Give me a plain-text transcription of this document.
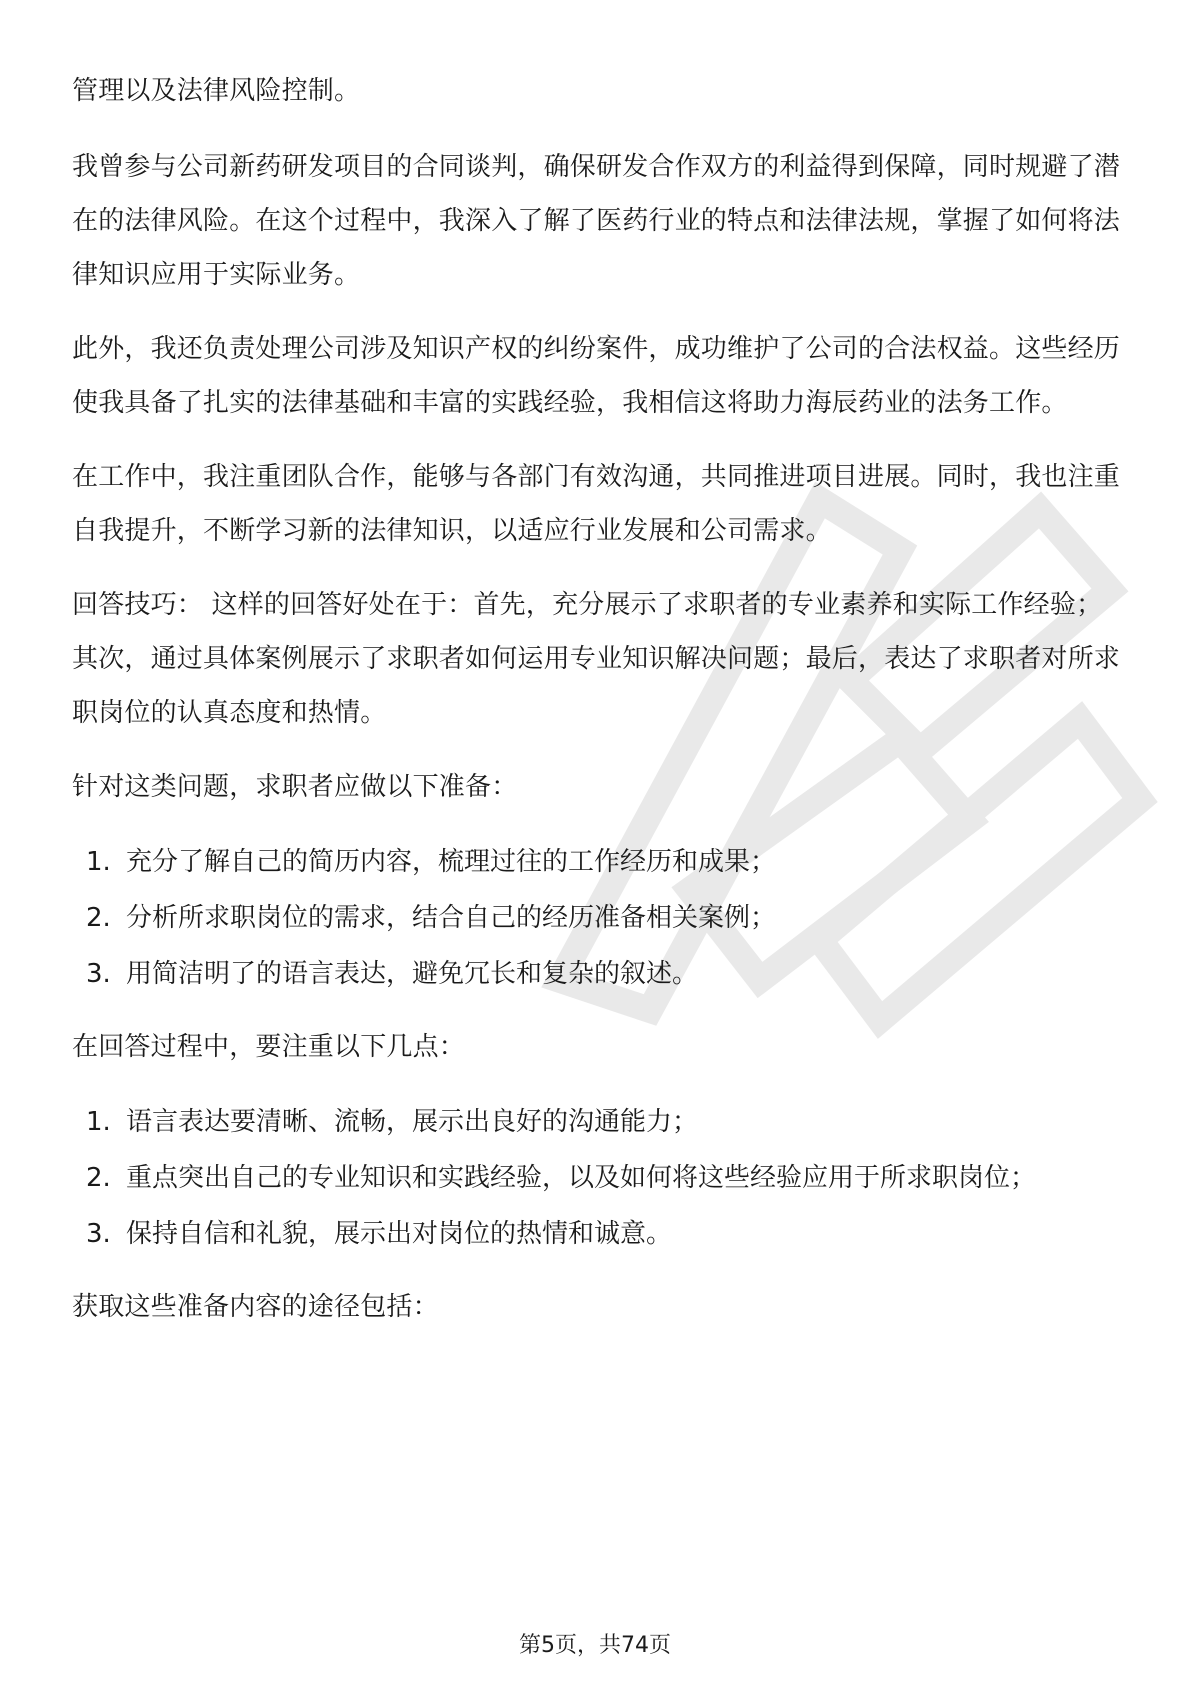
管理以及法律风险控制。

我曾参与公司新药研发项目的合同谈判，确保研发合作双方的利益得到保障，同时规避了潜在的法律风险。在这个过程中，我深入了解了医药行业的特点和法律法规，掌握了如何将法律知识应用于实际业务。

此外，我还负责处理公司涉及知识产权的纠纷案件，成功维护了公司的合法权益。这些经历使我具备了扎实的法律基础和丰富的实践经验，我相信这将助力海辰药业的法务工作。

在工作中，我注重团队合作，能够与各部门有效沟通，共同推进项目进展。同时，我也注重自我提升，不断学习新的法律知识，以适应行业发展和公司需求。

回答技巧： 这样的回答好处在于：首先，充分展示了求职者的专业素养和实际工作经验；其次，通过具体案例展示了求职者如何运用专业知识解决问题；最后，表达了求职者对所求职岗位的认真态度和热情。

针对这类问题，求职者应做以下准备：

1. 充分了解自己的简历内容，梳理过往的工作经历和成果；
2. 分析所求职岗位的需求，结合自己的经历准备相关案例；
3. 用简洁明了的语言表达，避免冗长和复杂的叙述。

在回答过程中，要注重以下几点：

1. 语言表达要清晰、流畅，展示出良好的沟通能力；
2. 重点突出自己的专业知识和实践经验，以及如何将这些经验应用于所求职岗位；
3. 保持自信和礼貌，展示出对岗位的热情和诚意。

获取这些准备内容的途径包括：

第5页，共74页
